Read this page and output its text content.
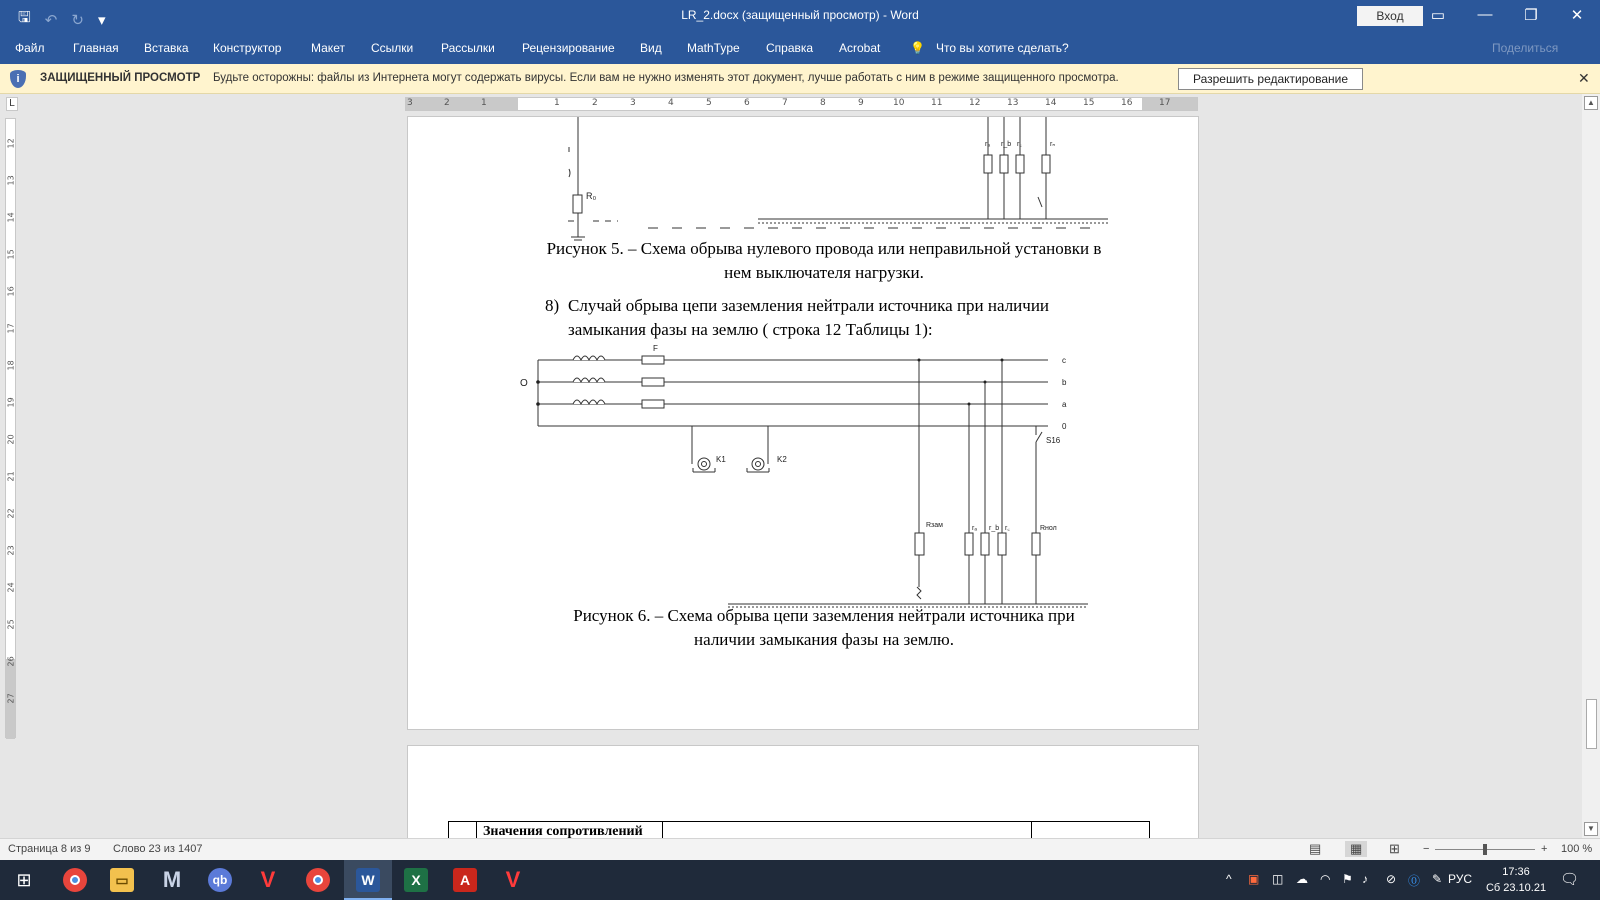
🖫 ↶ ↻ ▾	LR_2.docx (защищенный просмотр) - Word	Вход	▭	—	❐	✕
Файл Главная Вставка Конструктор Макет Ссылки Рассылки Рецензирование Вид MathType Справка Acrobat 💡 Что вы хотите сделать?	Поделиться
i	ЗАЩИЩЕННЫЙ ПРОСМОТР Будьте осторожны: файлы из Интернета могут содержать вирусы. Если вам не нужно изменять этот документ, лучше работать с ним в режиме защищенного просмотра.	Разрешить редактирование	✕
L	3	2	1	1	2	3	4	5	6	7	8	9	10	11	12	13	14	15	16	17
12
13
14
15
16
17
18
19
20
21
22
23
24
25
26
27
R₀
rₐ r_b r꜀	rₙ
Рисунок 5. – Схема обрыва нулевого провода или неправильной установки в
нем выключателя нагрузки.
8) Случай обрыва цепи заземления нейтрали источника при наличии
замыкания фазы на землю ( строка 12 Таблицы 1):
O
F
c
b
a
0
S16
K1	K2
Rзам	rₐ r_b r꜀	Rнол
Рисунок 6. – Схема обрыва цепи заземления нейтрали источника при
наличии замыкания фазы на землю.
Значения сопротивлений
▲
▼
Страница 8 из 9 Слово 23 из 1407	▤	▦	⊞ −	+ 100 %
⊞	▭ M	qb V	W	X	A	V	^ ▣ ◫ ☁ ◠ ⚑ ♪ ⊘ ⓪ ✎ РУС	17:36
Сб 23.10.21 🗨
